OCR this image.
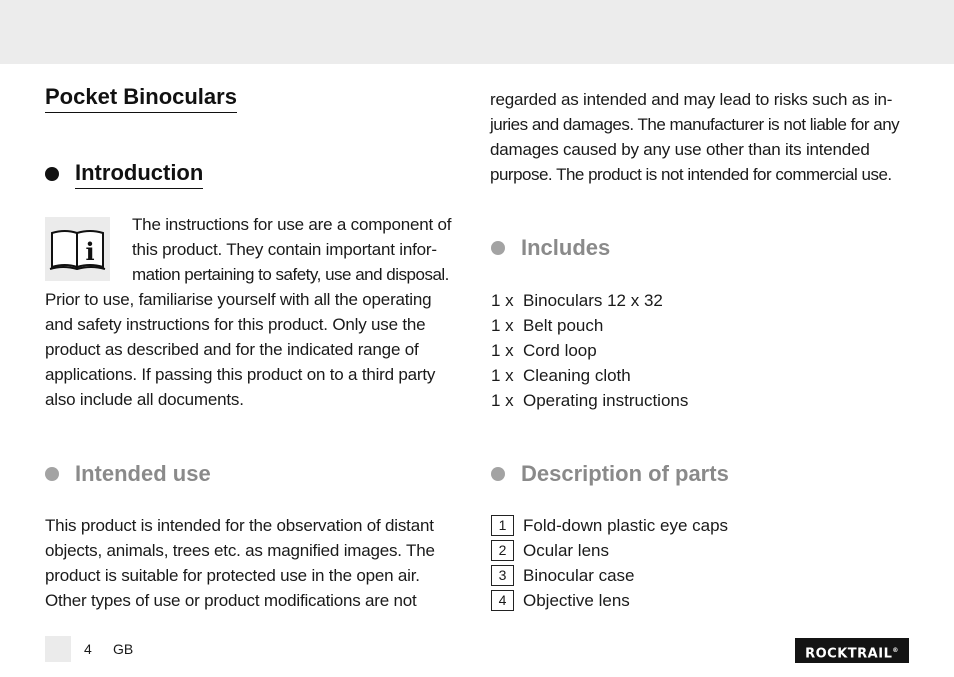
Pocket Binoculars
Introduction
i
The instructions for use are a component of
this product. They contain important infor-
mation pertaining to safety, use and disposal.
Prior to use, familiarise yourself with all the operating
and safety instructions for this product. Only use the
product as described and for the indicated range of
applications. If passing this product on to a third party
also include all documents.
Intended use
This product is intended for the observation of distant
objects, animals, trees etc. as magnified images. The
product is suitable for protected use in the open air.
Other types of use or product modifications are not
regarded as intended and may lead to risks such as in-
juries and damages. The manufacturer is not liable for any
damages caused by any use other than its intended
purpose. The product is not intended for commercial use.
Includes
1 x Binoculars 12 x 32
1 x Belt pouch
1 x Cord loop
1 x Cleaning cloth
1 x Operating instructions
Description of parts
1 Fold-down plastic eye caps
2 Ocular lens
3 Binocular case
4 Objective lens
4 GB	ROCKTRAIL®
